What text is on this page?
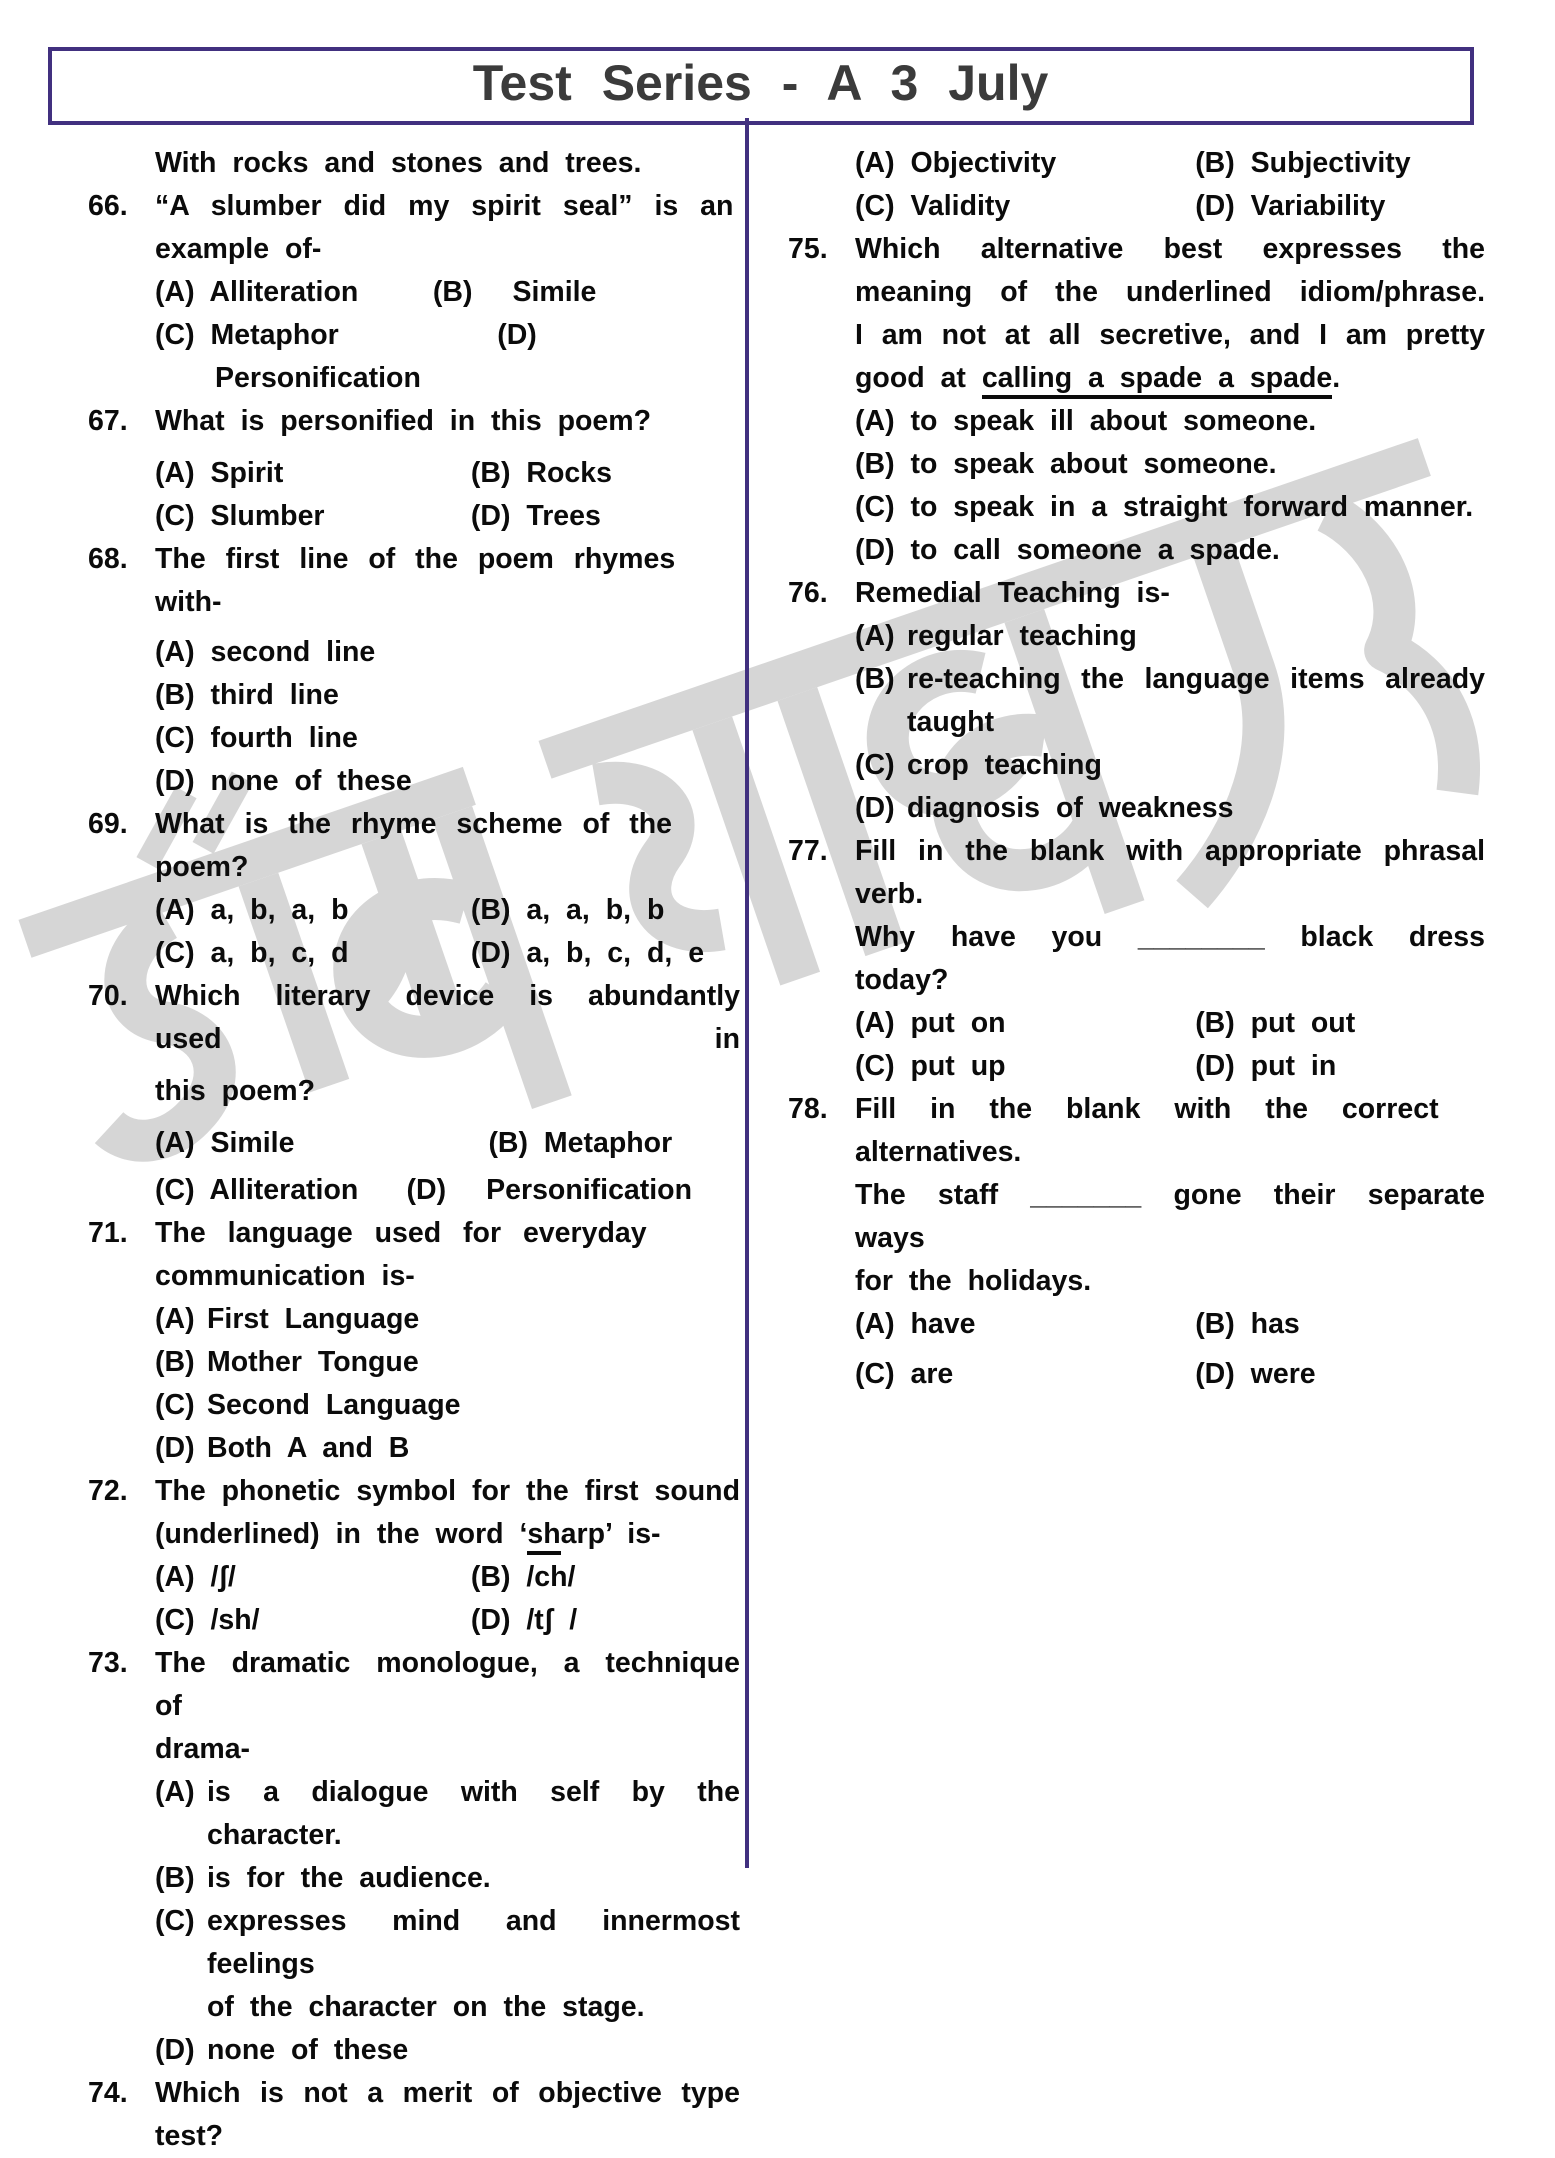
Test Series - A 3 July
With rocks and stones and trees.
66. “A slumber did my spirit seal” is an
example of-
(A) Alliteration	(B) Simile
(C) Metaphor	(D)
Personification
67. What is personified in this poem?
(A) Spirit	(B) Rocks
(C) Slumber	(D) Trees
68. The first line of the poem rhymes with-
(A) second line
(B) third line
(C) fourth line
(D) none of these
69. What is the rhyme scheme of the poem?
(A) a, b, a, b	(B) a, a, b, b
(C) a, b, c, d	(D) a, b, c, d, e
70. Which literary device is abundantly used in
this poem?
(A) Simile	(B) Metaphor
(C) Alliteration	(D) Personification
71. The language used for everyday
communication is-
(A) First Language
(B) Mother Tongue
(C) Second Language
(D) Both A and B
72. The phonetic symbol for the first sound
(underlined) in the word ‘sharp’ is-
(A) /ʃ/	(B) /ch/
(C) /sh/	(D) /tʃ /
73. The dramatic monologue, a technique of
drama-
(A) is a dialogue with self by the character.
(B) is for the audience.
(C) expresses mind and innermost feelings
of the character on the stage.
(D) none of these
74. Which is not a merit of objective type test?
(A) Objectivity	(B) Subjectivity
(C) Validity	(D) Variability
75. Which alternative best expresses the
meaning of the underlined idiom/phrase.
I am not at all secretive, and I am pretty
good at calling a spade a spade.
(A) to speak ill about someone.
(B) to speak about someone.
(C) to speak in a straight forward manner.
(D) to call someone a spade.
76. Remedial Teaching is-
(A) regular teaching
(B) re-teaching the language items already
taught
(C) crop teaching
(D) diagnosis of weakness
77. Fill in the blank with appropriate phrasal
verb.
Why have you ________ black dress today?
(A) put on	(B) put out
(C) put up	(D) put in
78. Fill in the blank with the correct
alternatives.
The staff _______ gone their separate ways
for the holidays.
(A) have	(B) has
(C) are	(D) were
